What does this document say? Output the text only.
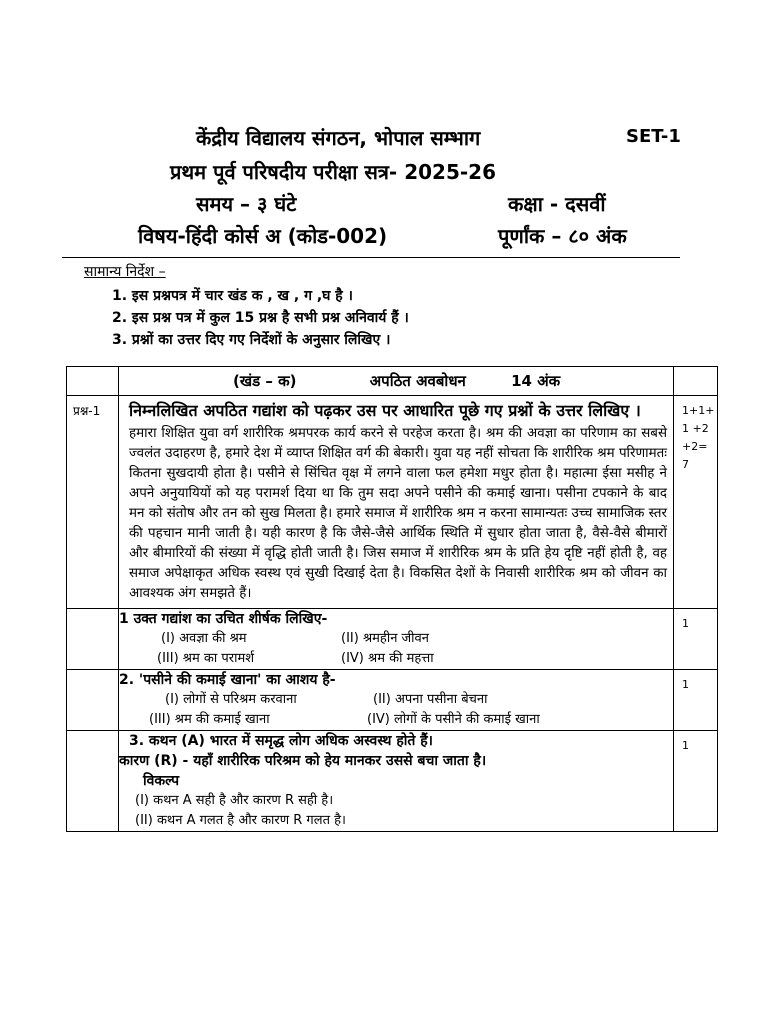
केंद्रीय विद्यालय संगठन, भोपाल सम्भाग	SET-1
प्रथम पूर्व परिषदीय परीक्षा सत्र- 2025-26
समय – ३ घंटे	कक्षा - दसवीं
विषय-हिंदी कोर्स अ (कोड-002)	पूर्णांक – ८० अंक
सामान्य निर्देश –
1. इस प्रश्नपत्र में चार खंड क , ख , ग ,घ है ।
2. इस प्रश्न पत्र में कुल 15 प्रश्न है सभी प्रश्न अनिवार्य हैं ।
3. प्रश्नों का उत्तर दिए गए निर्देशों के अनुसार लिखिए ।

	(खंड – क) अपठित अवबोधन 14 अंक	

प्रश्न-1	निम्नलिखित अपठित गद्यांश को पढ़कर उस पर आधारित पूछे गए प्रश्नों के उत्तर लिखिए ।
हमारा शिक्षित युवा वर्ग शारीरिक श्रमपरक कार्य करने से परहेज करता है। श्रम की अवज्ञा का परिणाम का सबसे ज्वलंत उदाहरण है, हमारे देश में व्याप्त शिक्षित वर्ग की बेकारी। युवा यह नहीं सोचता कि शारीरिक श्रम परिणामतः कितना सुखदायी होता है। पसीने से सिंचित वृक्ष में लगने वाला फल हमेशा मधुर होता है। महात्मा ईसा मसीह ने अपने अनुयायियों को यह परामर्श दिया था कि तुम सदा अपने पसीने की कमाई खाना। पसीना टपकाने के बाद मन को संतोष और तन को सुख मिलता है। हमारे समाज में शारीरिक श्रम न करना सामान्यतः उच्च सामाजिक स्तर की पहचान मानी जाती है। यही कारण है कि जैसे-जैसे आर्थिक स्थिति में सुधार होता जाता है, वैसे-वैसे बीमारों और बीमारियों की संख्या में वृद्धि होती जाती है। जिस समाज में शारीरिक श्रम के प्रति हेय दृष्टि नहीं होती है, वह समाज अपेक्षाकृत अधिक स्वस्थ एवं सुखी दिखाई देता है। विकसित देशों के निवासी शारीरिक श्रम को जीवन का आवश्यक अंग समझते हैं।	1+1+1 +2+2= 7

	1 उक्त गद्यांश का उचित शीर्षक लिखिए-
(I) अवज्ञा की श्रम (II) श्रमहीन जीवन
(III) श्रम का परामर्श (IV) श्रम की महत्ता	1

	2. 'पसीने की कमाई खाना' का आशय है-
(I) लोगों से परिश्रम करवाना (II) अपना पसीना बेचना
(III) श्रम की कमाई खाना (IV) लोगों के पसीने की कमाई खाना	1

	3. कथन (A) भारत में समृद्ध लोग अधिक अस्वस्थ होते हैं।
कारण (R) - यहाँ शारीरिक परिश्रम को हेय मानकर उससे बचा जाता है।
विकल्प
(I) कथन A सही है और कारण R सही है।
(II) कथन A गलत है और कारण R गलत है।	1
